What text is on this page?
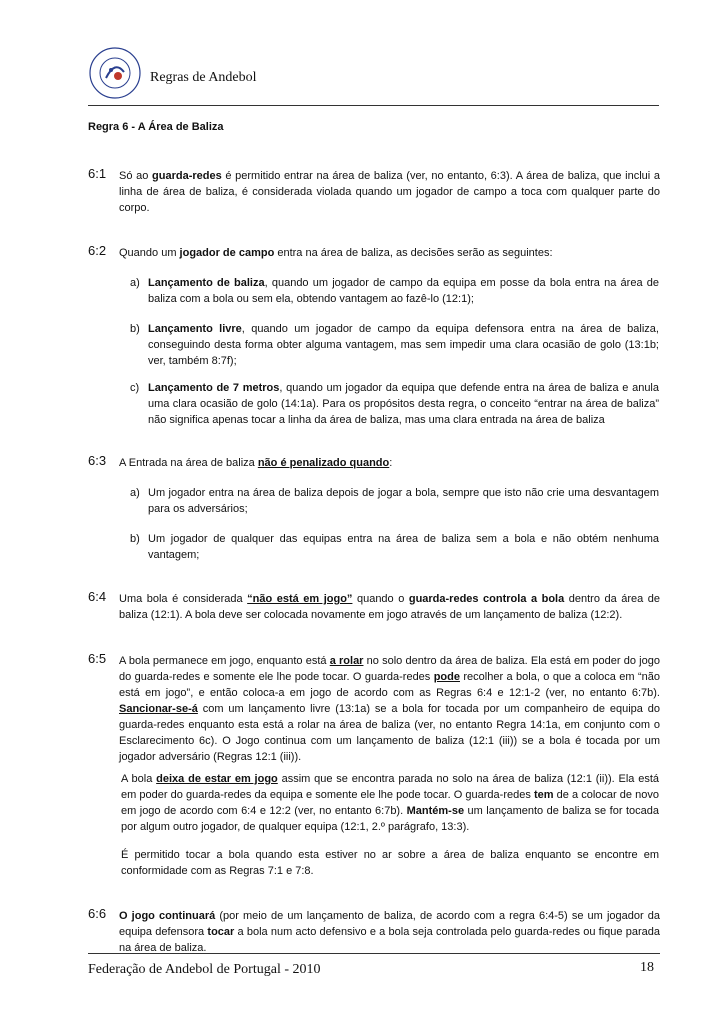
Regras de Andebol
Regra 6 - A Área de Baliza
6:1 Só ao guarda-redes é permitido entrar na área de baliza (ver, no entanto, 6:3). A área de baliza, que inclui a linha de área de baliza, é considerada violada quando um jogador de campo a toca com qualquer parte do corpo.
6:2 Quando um jogador de campo entra na área de baliza, as decisões serão as seguintes:
a) Lançamento de baliza, quando um jogador de campo da equipa em posse da bola entra na área de baliza com a bola ou sem ela, obtendo vantagem ao fazê-lo (12:1);
b) Lançamento livre, quando um jogador de campo da equipa defensora entra na área de baliza, conseguindo desta forma obter alguma vantagem, mas sem impedir uma clara ocasião de golo (13:1b; ver, também 8:7f);
c) Lançamento de 7 metros, quando um jogador da equipa que defende entra na área de baliza e anula uma clara ocasião de golo (14:1a). Para os propósitos desta regra, o conceito “entrar na área de baliza” não significa apenas tocar a linha da área de baliza, mas uma clara entrada na área de baliza
6:3 A Entrada na área de baliza não é penalizado quando:
a) Um jogador entra na área de baliza depois de jogar a bola, sempre que isto não crie uma desvantagem para os adversários;
b) Um jogador de qualquer das equipas entra na área de baliza sem a bola e não obtém nenhuma vantagem;
6:4 Uma bola é considerada “não está em jogo” quando o guarda-redes controla a bola dentro da área de baliza (12:1). A bola deve ser colocada novamente em jogo através de um lançamento de baliza (12:2).
6:5 A bola permanece em jogo, enquanto está a rolar no solo dentro da área de baliza. Ela está em poder do jogo do guarda-redes e somente ele lhe pode tocar. O guarda-redes pode recolher a bola, o que a coloca em “não está em jogo”, e então coloca-a em jogo de acordo com as Regras 6:4 e 12:1-2 (ver, no entanto 6:7b). Sancionar-se-á com um lançamento livre (13:1a) se a bola for tocada por um companheiro de equipa do guarda-redes enquanto esta está a rolar na área de baliza (ver, no entanto Regra 14:1a, em conjunto com o Esclarecimento 6c). O Jogo continua com um lançamento de baliza (12:1 (iii)) se a bola é tocada por um jogador adversário (Regras 12:1 (iii)).
A bola deixa de estar em jogo assim que se encontra parada no solo na área de baliza (12:1 (ii)). Ela está em poder do guarda-redes da equipa e somente ele lhe pode tocar. O guarda-redes tem de a colocar de novo em jogo de acordo com 6:4 e 12:2 (ver, no entanto 6:7b). Mantém-se um lançamento de baliza se for tocada por algum outro jogador, de qualquer equipa (12:1, 2.º parágrafo, 13:3).
É permitido tocar a bola quando esta estiver no ar sobre a área de baliza enquanto se encontre em conformidade com as Regras 7:1 e 7:8.
6:6 O jogo continuará (por meio de um lançamento de baliza, de acordo com a regra 6:4-5) se um jogador da equipa defensora tocar a bola num acto defensivo e a bola seja controlada pelo guarda-redes ou fique parada na área de baliza.
Federação de Andebol de Portugal - 2010	18
